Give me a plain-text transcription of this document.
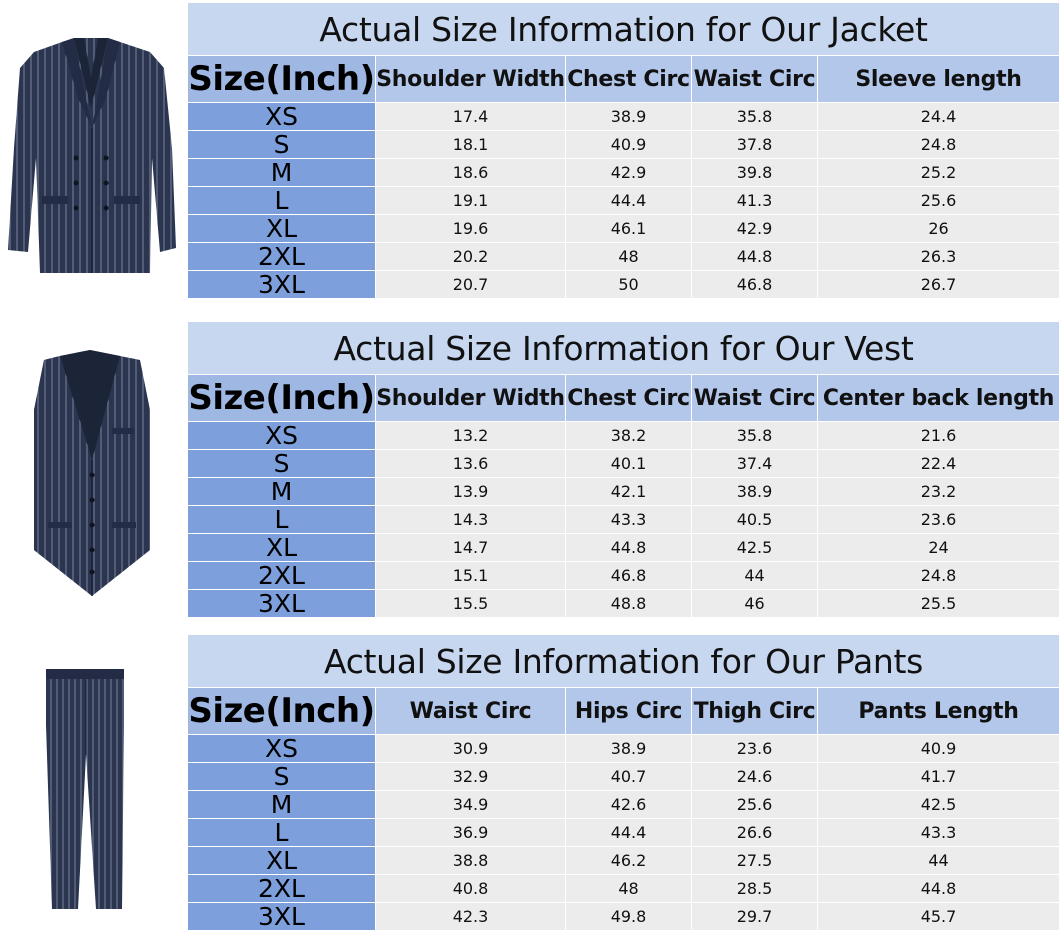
Actual Size Information for Our Jacket				
Size(Inch)	Shoulder Width	Chest Circ	Waist Circ	Sleeve length
XS	17.4	38.9	35.8	24.4
S	18.1	40.9	37.8	24.8
M	18.6	42.9	39.8	25.2
L	19.1	44.4	41.3	25.6
XL	19.6	46.1	42.9	26
2XL	20.2	48	44.8	26.3
3XL	20.7	50	46.8	26.7
Actual Size Information for Our Vest				
Size(Inch)	Shoulder Width	Chest Circ	Waist Circ	Center back length
XS	13.2	38.2	35.8	21.6
S	13.6	40.1	37.4	22.4
M	13.9	42.1	38.9	23.2
L	14.3	43.3	40.5	23.6
XL	14.7	44.8	42.5	24
2XL	15.1	46.8	44	24.8
3XL	15.5	48.8	46	25.5
Actual Size Information for Our Pants				
Size(Inch)	Waist Circ	Hips Circ	Thigh Circ	Pants Length
XS	30.9	38.9	23.6	40.9
S	32.9	40.7	24.6	41.7
M	34.9	42.6	25.6	42.5
L	36.9	44.4	26.6	43.3
XL	38.8	46.2	27.5	44
2XL	40.8	48	28.5	44.8
3XL	42.3	49.8	29.7	45.7
